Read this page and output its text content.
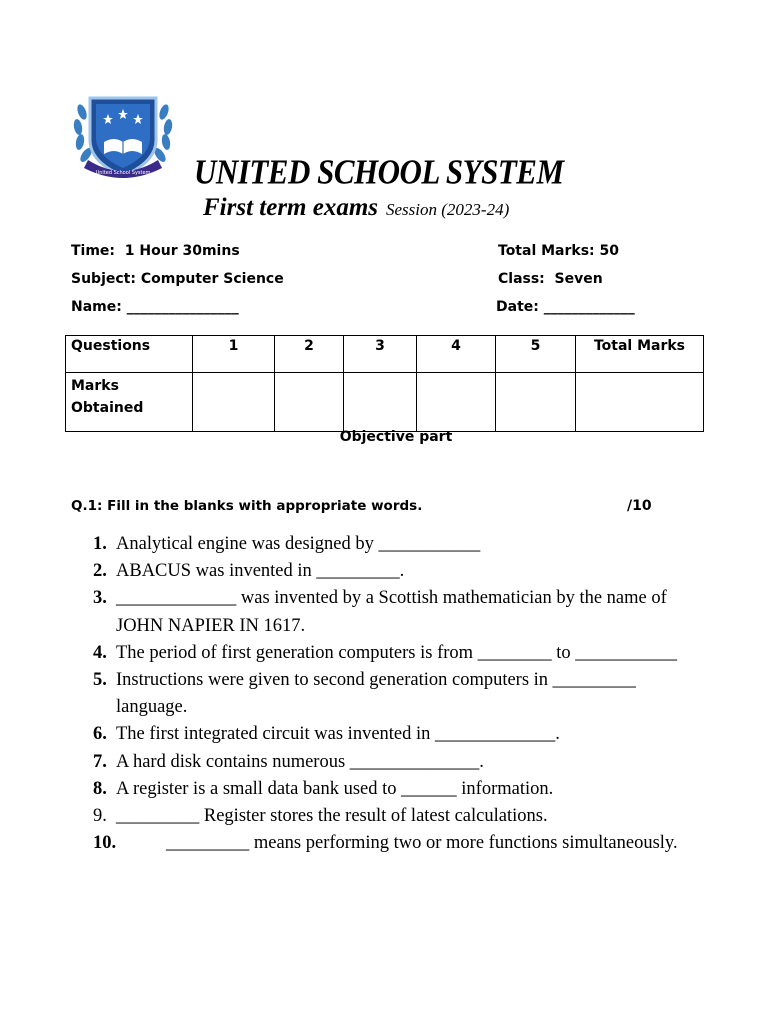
United School System UNITED SCHOOL SYSTEM
First term exams Session (2023-24)
Time: 1 Hour 30mins	Total Marks: 50
Subject: Computer Science	Class: Seven
Name: ________________	Date: _____________
Questions	1	2	3	4	5	Total Marks

Marks
Obtained						

Objective part
Q.1: Fill in the blanks with appropriate words.	/10
1. Analytical engine was designed by ___________
2. ABACUS was invented in _________.
3. _____________ was invented by a Scottish mathematician by the name of JOHN NAPIER IN 1617.
4. The period of first generation computers is from ________ to ___________
5. Instructions were given to second generation computers in _________ language.
6. The first integrated circuit was invented in _____________.
7. A hard disk contains numerous ______________.
8. A register is a small data bank used to ______ information.
9. _________ Register stores the result of latest calculations.
10.	_________ means performing two or more functions simultaneously.
